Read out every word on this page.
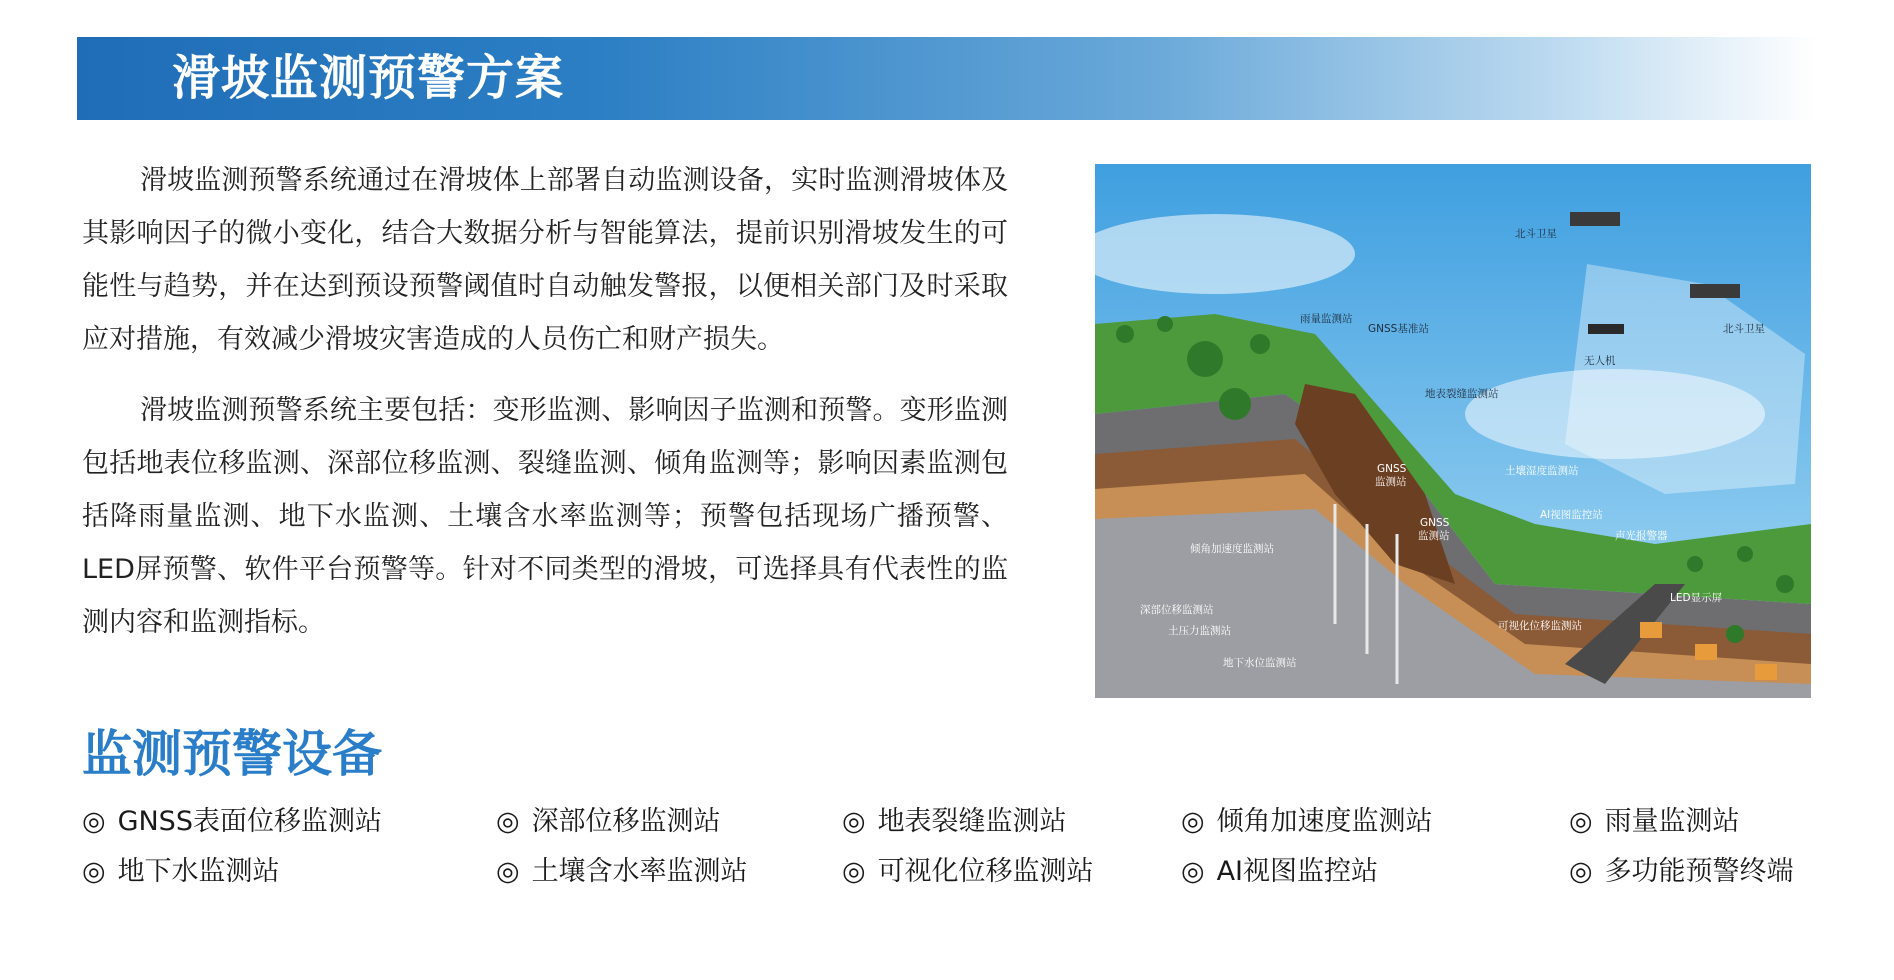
滑坡监测预警方案

滑坡监测预警系统通过在滑坡体上部署自动监测设备，实时监测滑坡体及其影响因子的微小变化，结合大数据分析与智能算法，提前识别滑坡发生的可能性与趋势，并在达到预设预警阈值时自动触发警报，以便相关部门及时采取应对措施，有效减少滑坡灾害造成的人员伤亡和财产损失。

滑坡监测预警系统主要包括：变形监测、影响因子监测和预警。变形监测包括地表位移监测、深部位移监测、裂缝监测、倾角监测等；影响因素监测包括降雨量监测、地下水监测、土壤含水率监测等；预警包括现场广播预警、LED屏预警、软件平台预警等。针对不同类型的滑坡，可选择具有代表性的监测内容和监测指标。

北斗卫星
北斗卫星
无人机
雨量监测站
GNSS基准站
地表裂缝监测站
GNSS
监测站
GNSS
监测站
土壤湿度监测站
AI视图监控站
声光报警器
倾角加速度监测站
LED显示屏
深部位移监测站
土压力监测站	可视化位移监测站
地下水位监测站
监测预警设备
◎ GNSS表面位移监测站	◎ 深部位移监测站	◎ 地表裂缝监测站	◎ 倾角加速度监测站	◎ 雨量监测站
◎ 地下水监测站	◎ 土壤含水率监测站	◎ 可视化位移监测站	◎ AI视图监控站	◎ 多功能预警终端
